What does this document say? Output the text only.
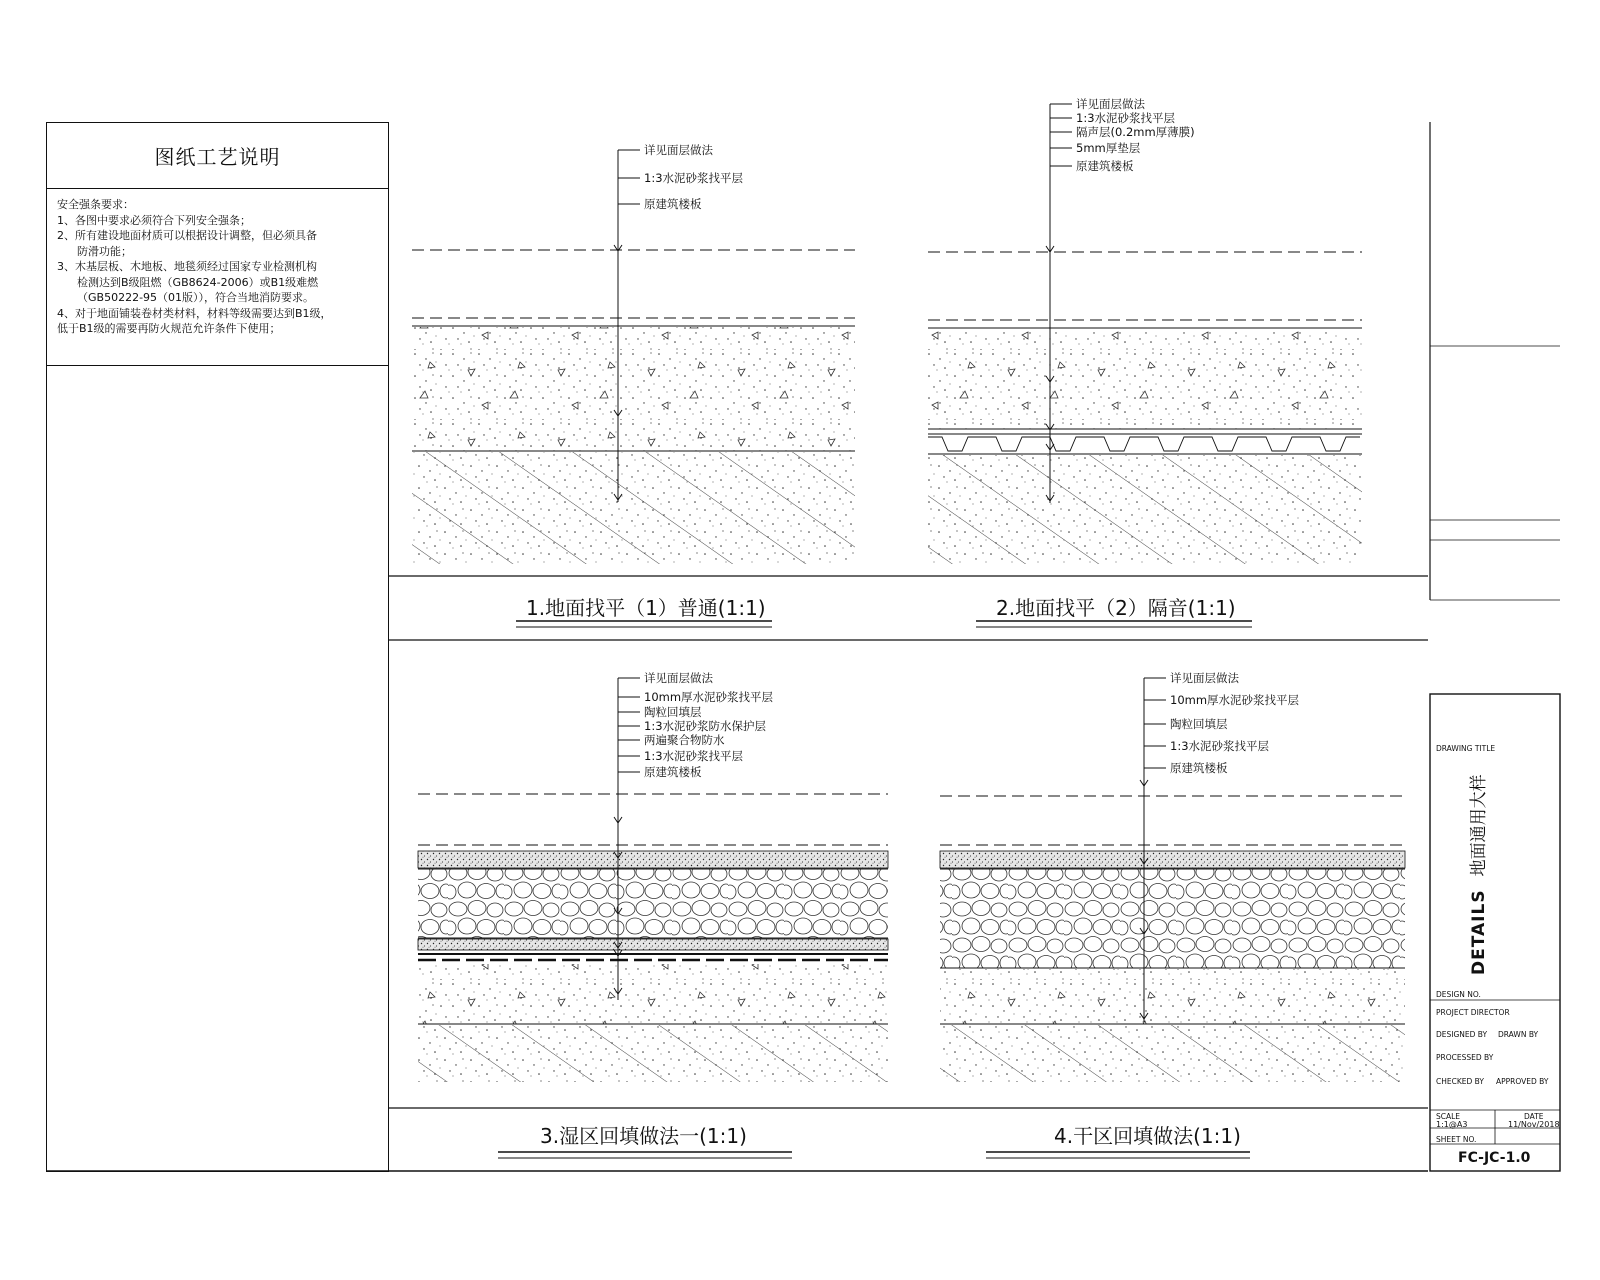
图纸工艺说明

安全强条要求：

1、各图中要求必须符合下列安全强条；

2、所有建设地面材质可以根据设计调整，但必须具备

防滑功能；

3、木基层板、木地板、地毯须经过国家专业检测机构

检测达到B级阻燃（GB8624-2006）或B1级难燃

（GB50222-95（01版）），符合当地消防要求。

4、对于地面铺装卷材类材料，材料等级需要达到B1级，

低于B1级的需要再防火规范允许条件下使用；

详见面层做法
1:3水泥砂浆找平层
原建筑楼板
详见面层做法
1:3水泥砂浆找平层
隔声层(0.2mm厚薄膜)
5mm厚垫层
原建筑楼板
详见面层做法
10mm厚水泥砂浆找平层
陶粒回填层
1:3水泥砂浆防水保护层
两遍聚合物防水
1:3水泥砂浆找平层
原建筑楼板
详见面层做法
10mm厚水泥砂浆找平层
陶粒回填层
1:3水泥砂浆找平层
原建筑楼板
1.地面找平（1）普通(1:1)	2.地面找平（2）隔音(1:1)
3.湿区回填做法一(1:1)	4.干区回填做法(1:1)
DRAWING TITLE
DETAILS 地面通用大样
DESIGN NO.
PROJECT DIRECTOR
DESIGNED BY DRAWN BY
PROCESSED BY
CHECKED BY APPROVED BY
SCALE
1:1@A3
DATE
11/Nov/2018
SHEET NO.
FC-JC-1.0
